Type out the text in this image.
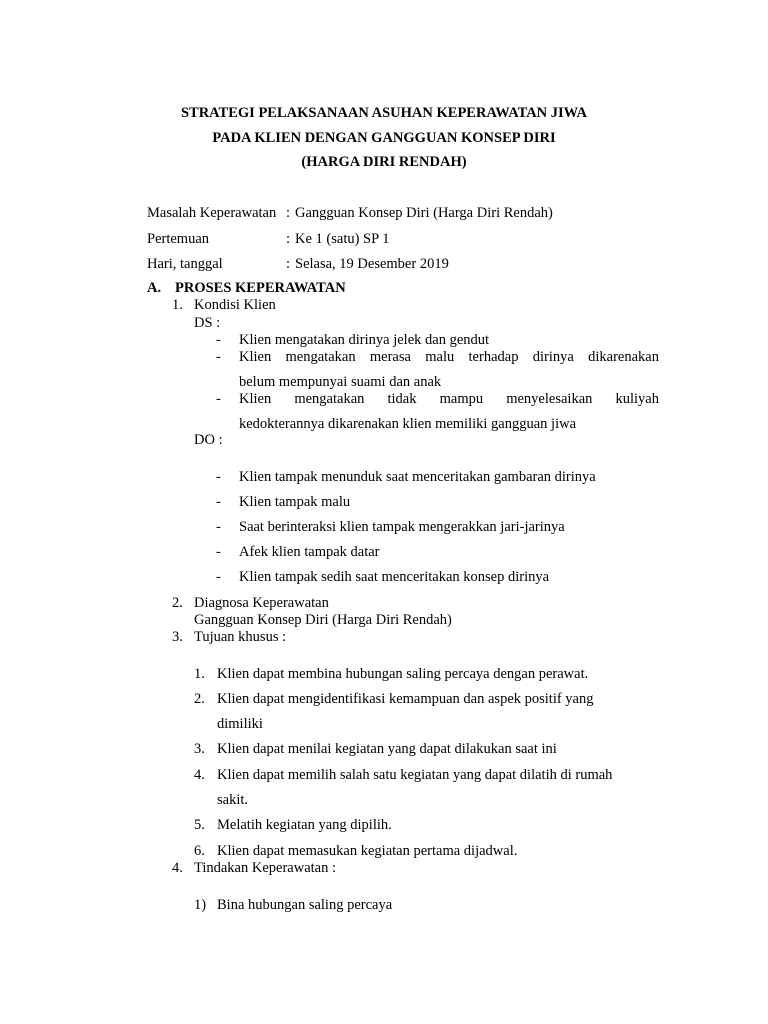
STRATEGI PELAKSANAAN ASUHAN KEPERAWATAN JIWA
PADA KLIEN DENGAN GANGGUAN KONSEP DIRI
(HARGA DIRI RENDAH)
Masalah Keperawatan : Gangguan Konsep Diri (Harga Diri Rendah)
Pertemuan	: Ke 1 (satu) SP 1
Hari, tanggal	: Selasa, 19 Desember 2019
A. PROSES KEPERAWATAN
1. Kondisi Klien
DS :
- Klien mengatakan dirinya jelek dan gendut
- Klien mengatakan merasa malu terhadap dirinya dikarenakan
belum mempunyai suami dan anak
- Klien mengatakan tidak mampu menyelesaikan kuliyah
kedokterannya dikarenakan klien memiliki gangguan jiwa
DO :
- Klien tampak menunduk saat menceritakan gambaran dirinya
- Klien tampak malu
- Saat berinteraksi klien tampak mengerakkan jari-jarinya
- Afek klien tampak datar
- Klien tampak sedih saat menceritakan konsep dirinya
2. Diagnosa Keperawatan
Gangguan Konsep Diri (Harga Diri Rendah)
3. Tujuan khusus :
1. Klien dapat membina hubungan saling percaya dengan perawat.
2. Klien dapat mengidentifikasi kemampuan dan aspek positif yang
dimiliki
3. Klien dapat menilai kegiatan yang dapat dilakukan saat ini
4. Klien dapat memilih salah satu kegiatan yang dapat dilatih di rumah
sakit.
5. Melatih kegiatan yang dipilih.
6. Klien dapat memasukan kegiatan pertama dijadwal.
4. Tindakan Keperawatan :
1) Bina hubungan saling percaya
